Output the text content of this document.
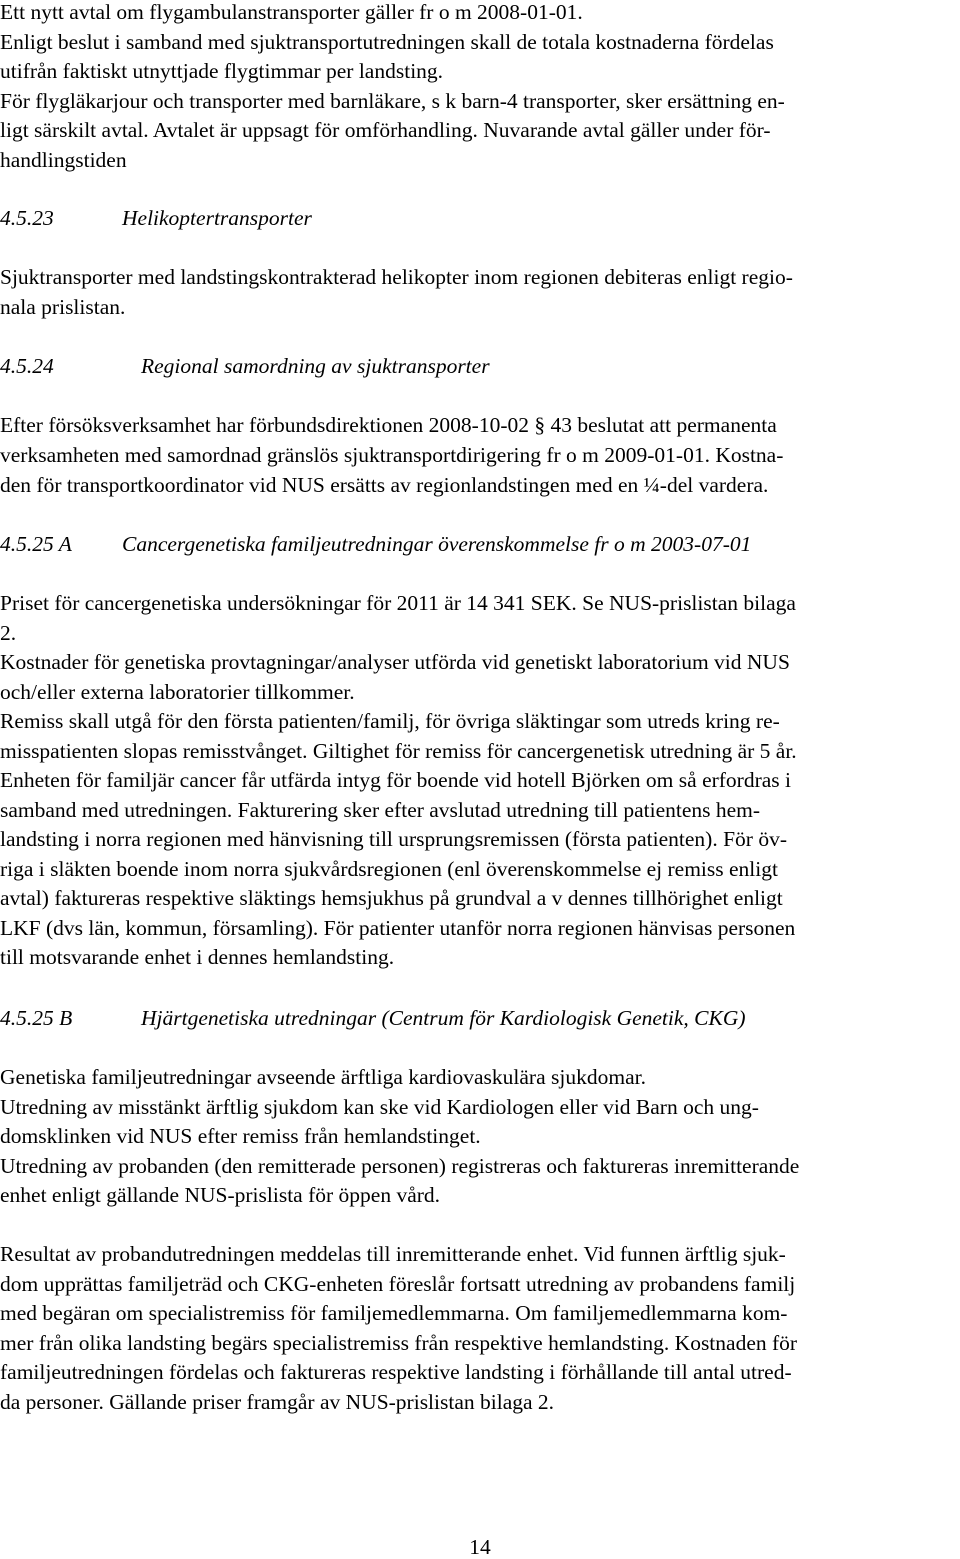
Ett nytt avtal om flygambulanstransporter gäller fr o m 2008-01-01.
Enligt beslut i samband med sjuktransportutredningen skall de totala kostnaderna fördelas
utifrån faktiskt utnyttjade flygtimmar per landsting.
För flygläkarjour och transporter med barnläkare, s k barn-4 transporter, sker ersättning en-
ligt särskilt avtal. Avtalet är uppsagt för omförhandling. Nuvarande avtal gäller under för-
handlingstiden
4.5.23	Helikoptertransporter
Sjuktransporter med landstingskontrakterad helikopter inom regionen debiteras enligt regio-
nala prislistan.
4.5.24	Regional samordning av sjuktransporter
Efter försöksverksamhet har förbundsdirektionen 2008-10-02 § 43 beslutat att permanenta
verksamheten med samordnad gränslös sjuktransportdirigering fr o m 2009-01-01. Kostna-
den för transportkoordinator vid NUS ersätts av regionlandstingen med en ¼-del vardera.
4.5.25 A Cancergenetiska familjeutredningar överenskommelse fr o m 2003-07-01
Priset för cancergenetiska undersökningar för 2011 är 14 341 SEK. Se NUS-prislistan bilaga
2.
Kostnader för genetiska provtagningar/analyser utförda vid genetiskt laboratorium vid NUS
och/eller externa laboratorier tillkommer.
Remiss skall utgå för den första patienten/familj, för övriga släktingar som utreds kring re-
misspatienten slopas remisstvånget. Giltighet för remiss för cancergenetisk utredning är 5 år.
Enheten för familjär cancer får utfärda intyg för boende vid hotell Björken om så erfordras i
samband med utredningen. Fakturering sker efter avslutad utredning till patientens hem-
landsting i norra regionen med hänvisning till ursprungsremissen (första patienten). För öv-
riga i släkten boende inom norra sjukvårdsregionen (enl överenskommelse ej remiss enligt
avtal) faktureras respektive släktings hemsjukhus på grundval a v dennes tillhörighet enligt
LKF (dvs län, kommun, församling). För patienter utanför norra regionen hänvisas personen
till motsvarande enhet i dennes hemlandsting.
4.5.25 B	Hjärtgenetiska utredningar (Centrum för Kardiologisk Genetik, CKG)
Genetiska familjeutredningar avseende ärftliga kardiovaskulära sjukdomar.
Utredning av misstänkt ärftlig sjukdom kan ske vid Kardiologen eller vid Barn och ung-
domsklinken vid NUS efter remiss från hemlandstinget.
Utredning av probanden (den remitterade personen) registreras och faktureras inremitterande
enhet enligt gällande NUS-prislista för öppen vård.
Resultat av probandutredningen meddelas till inremitterande enhet. Vid funnen ärftlig sjuk-
dom upprättas familjeträd och CKG-enheten föreslår fortsatt utredning av probandens familj
med begäran om specialistremiss för familjemedlemmarna. Om familjemedlemmarna kom-
mer från olika landsting begärs specialistremiss från respektive hemlandsting. Kostnaden för
familjeutredningen fördelas och faktureras respektive landsting i förhållande till antal utred-
da personer. Gällande priser framgår av NUS-prislistan bilaga 2.
14
